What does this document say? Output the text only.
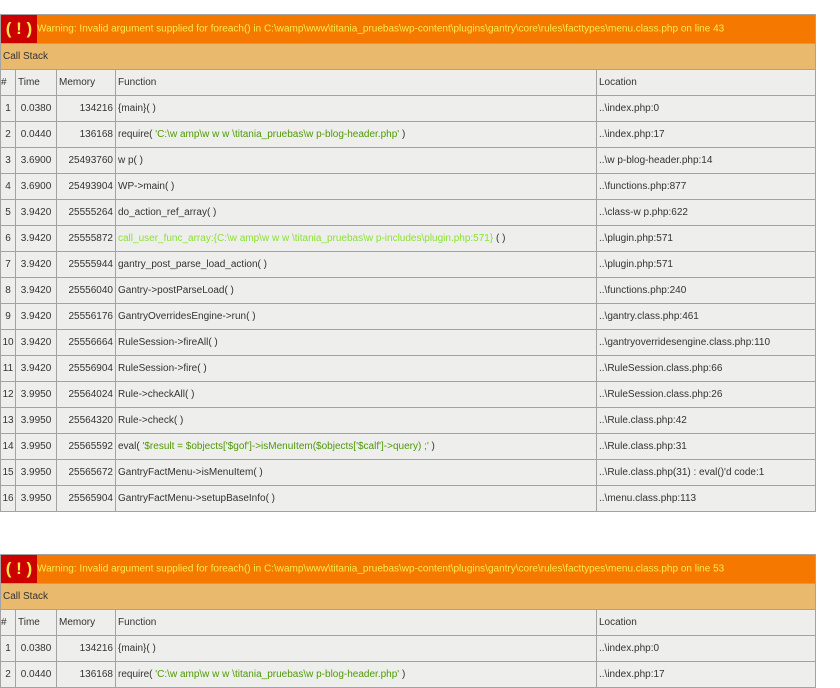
( ! ) Warning: Invalid argument supplied for foreach() in C:\wamp\www\titania_pruebas\wp-content\plugins\gantry\core\rules\facttypes\menu.class.php on line 43				
Call Stack				
#	Time	Memory	Function	Location
1	0.0380	134216	{main}( )	..\index.php:0
2	0.0440	136168	require( 'C:\w amp\w w w \titania_pruebas\w p-blog-header.php' )	..\index.php:17
3	3.6900	25493760	w p( )	..\w p-blog-header.php:14
4	3.6900	25493904	WP->main( )	..\functions.php:877
5	3.9420	25555264	do_action_ref_array( )	..\class-w p.php:622
6	3.9420	25555872	call_user_func_array:{C:\w amp\w w w \titania_pruebas\w p-includes\plugin.php:571} ( )	..\plugin.php:571
7	3.9420	25555944	gantry_post_parse_load_action( )	..\plugin.php:571
8	3.9420	25556040	Gantry->postParseLoad( )	..\functions.php:240
9	3.9420	25556176	GantryOverridesEngine->run( )	..\gantry.class.php:461
10	3.9420	25556664	RuleSession->fireAll( )	..\gantryoverridesengine.class.php:110
11	3.9420	25556904	RuleSession->fire( )	..\RuleSession.class.php:66
12	3.9950	25564024	Rule->checkAll( )	..\RuleSession.class.php:26
13	3.9950	25564320	Rule->check( )	..\Rule.class.php:42
14	3.9950	25565592	eval( '$result = $objects['$gof']->isMenuItem($objects['$calf']->query) ;' )	..\Rule.class.php:31
15	3.9950	25565672	GantryFactMenu->isMenuItem( )	..\Rule.class.php(31) : eval()'d code:1
16	3.9950	25565904	GantryFactMenu->setupBaseInfo( )	..\menu.class.php:113
( ! ) Warning: Invalid argument supplied for foreach() in C:\wamp\www\titania_pruebas\wp-content\plugins\gantry\core\rules\facttypes\menu.class.php on line 53				
Call Stack				
#	Time	Memory	Function	Location
1	0.0380	134216	{main}( )	..\index.php:0
2	0.0440	136168	require( 'C:\w amp\w w w \titania_pruebas\w p-blog-header.php' )	..\index.php:17
